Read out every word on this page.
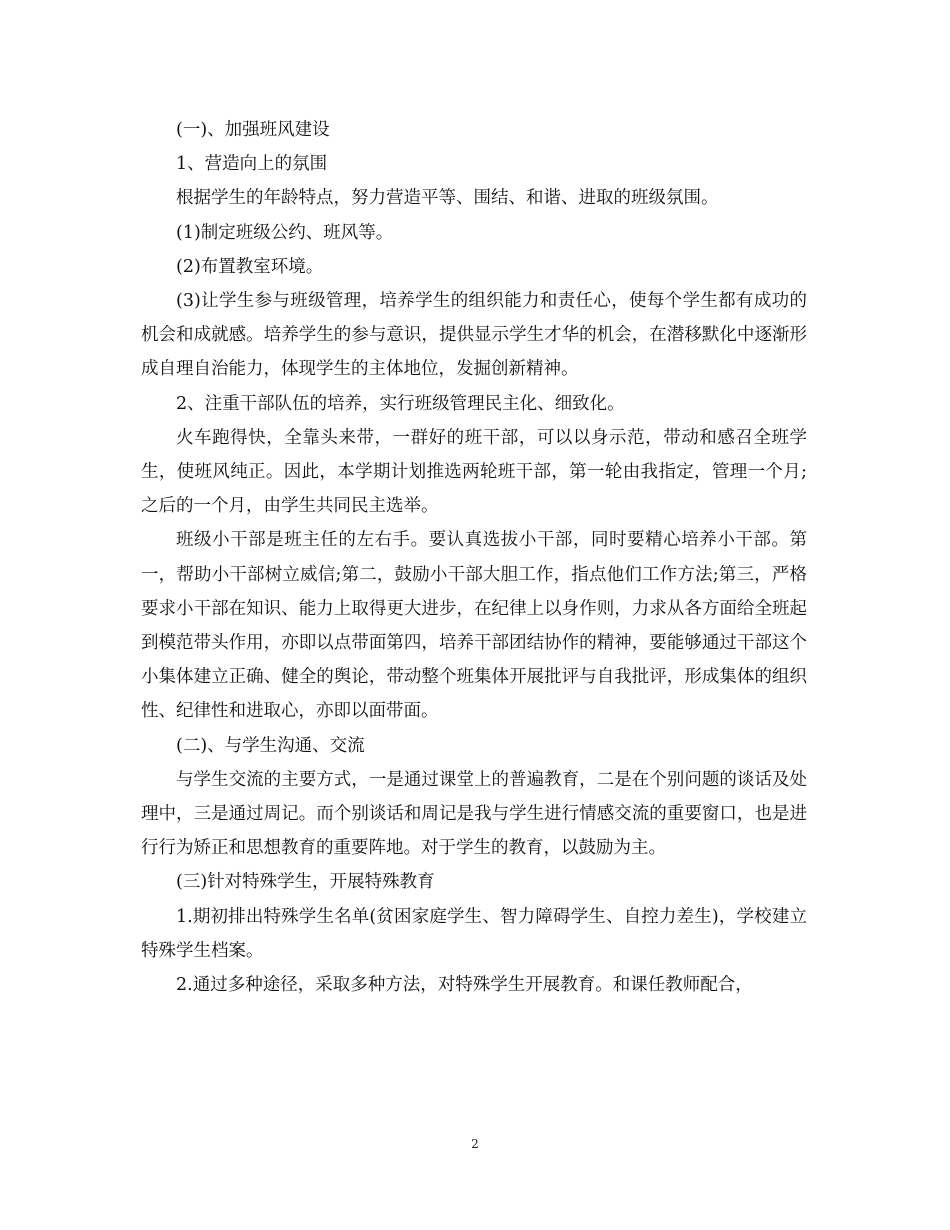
(一)、加强班风建设

1、营造向上的氛围

根据学生的年龄特点，努力营造平等、围结、和谐、进取的班级氛围。

(1)制定班级公约、班风等。

(2)布置教室环境。

(3)让学生参与班级管理，培养学生的组织能力和责任心，使每个学生都有成功的机会和成就感。培养学生的参与意识，提供显示学生才华的机会，在潜移默化中逐渐形成自理自治能力，体现学生的主体地位，发掘创新精神。

2、注重干部队伍的培养，实行班级管理民主化、细致化。

火车跑得快，全靠头来带，一群好的班干部，可以以身示范，带动和感召全班学生，使班风纯正。因此，本学期计划推选两轮班干部，第一轮由我指定，管理一个月;之后的一个月，由学生共同民主选举。

班级小干部是班主任的左右手。要认真选拔小干部，同时要精心培养小干部。第一，帮助小干部树立威信;第二，鼓励小干部大胆工作，指点他们工作方法;第三，严格要求小干部在知识、能力上取得更大进步，在纪律上以身作则，力求从各方面给全班起到模范带头作用，亦即以点带面第四，培养干部团结协作的精神，要能够通过干部这个小集体建立正确、健全的舆论，带动整个班集体开展批评与自我批评，形成集体的组织性、纪律性和进取心，亦即以面带面。

(二)、与学生沟通、交流

与学生交流的主要方式，一是通过课堂上的普遍教育，二是在个别问题的谈话及处理中，三是通过周记。而个别谈话和周记是我与学生进行情感交流的重要窗口，也是进行行为矫正和思想教育的重要阵地。对于学生的教育，以鼓励为主。

(三)针对特殊学生，开展特殊教育

1.期初排出特殊学生名单(贫困家庭学生、智力障碍学生、自控力差生)，学校建立特殊学生档案。

2.通过多种途径，采取多种方法，对特殊学生开展教育。和课任教师配合，

2
